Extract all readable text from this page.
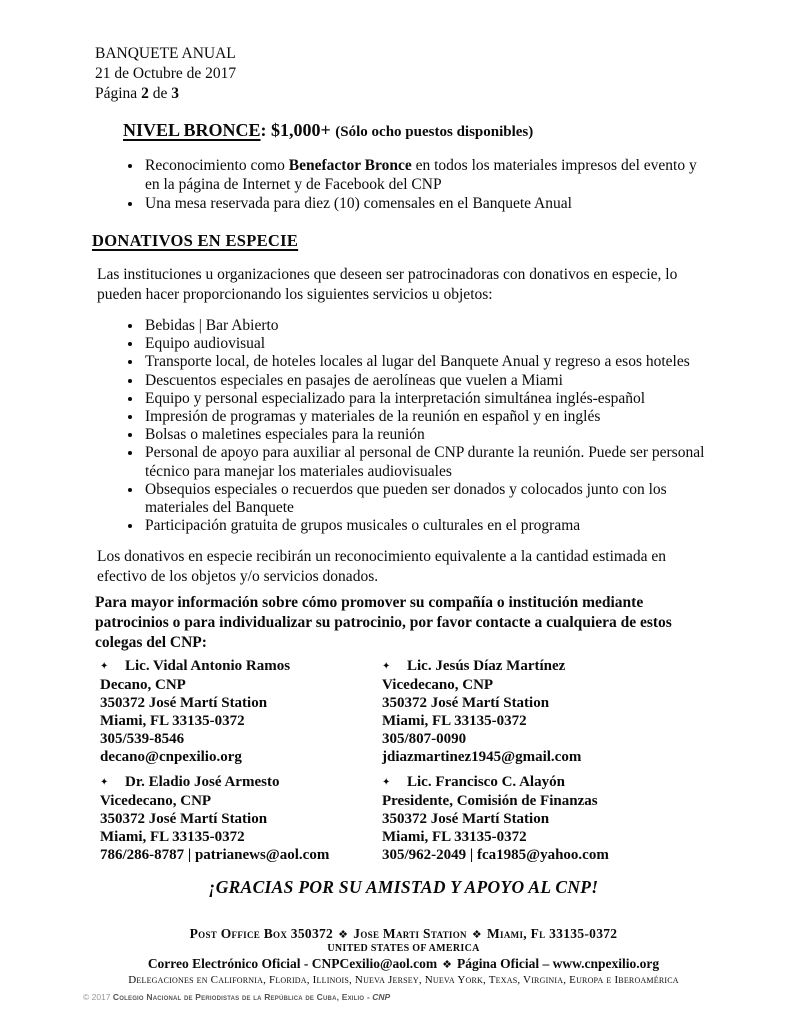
BANQUETE ANUAL
21 de Octubre de 2017
Página 2 de 3
NIVEL BRONCE: $1,000+ (Sólo ocho puestos disponibles)
• Reconocimiento como Benefactor Bronce en todos los materiales impresos del evento y en la página de Internet y de Facebook del CNP
• Una mesa reservada para diez (10) comensales en el Banquete Anual
DONATIVOS EN ESPECIE

Las instituciones u organizaciones que deseen ser patrocinadoras con donativos en especie, lo pueden hacer proporcionando los siguientes servicios u objetos:

• Bebidas | Bar Abierto
• Equipo audiovisual
• Transporte local, de hoteles locales al lugar del Banquete Anual y regreso a esos hoteles
• Descuentos especiales en pasajes de aerolíneas que vuelen a Miami
• Equipo y personal especializado para la interpretación simultánea inglés-español
• Impresión de programas y materiales de la reunión en español y en inglés
• Bolsas o maletines especiales para la reunión
• Personal de apoyo para auxiliar al personal de CNP durante la reunión. Puede ser personal técnico para manejar los materiales audiovisuales
• Obsequios especiales o recuerdos que pueden ser donados y colocados junto con los materiales del Banquete
• Participación gratuita de grupos musicales o culturales en el programa

Los donativos en especie recibirán un reconocimiento equivalente a la cantidad estimada en efectivo de los objetos y/o servicios donados.

Para mayor información sobre cómo promover su compañía o institución mediante patrocinios o para individualizar su patrocinio, por favor contacte a cualquiera de estos colegas del CNP:

✦ Lic. Vidal Antonio Ramos
Decano, CNP
350372 José Martí Station
Miami, FL 33135-0372
305/539-8546
decano@cnpexilio.org
✦ Lic. Jesús Díaz Martínez
Vicedecano, CNP
350372 José Martí Station
Miami, FL 33135-0372
305/807-0090
jdiazmartinez1945@gmail.com
✦ Dr. Eladio José Armesto
Vicedecano, CNP
350372 José Martí Station
Miami, FL 33135-0372
786/286-8787 | patrianews@aol.com
✦ Lic. Francisco C. Alayón
Presidente, Comisión de Finanzas
350372 José Martí Station
Miami, FL 33135-0372
305/962-2049 | fca1985@yahoo.com
¡GRACIAS POR SU AMISTAD Y APOYO AL CNP!
Post Office Box 350372 ❖ Jose Marti Station ❖ Miami, Fl 33135-0372
UNITED STATES OF AMERICA
Correo Electrónico Oficial - CNPCexilio@aol.com ❖ Página Oficial – www.cnpexilio.org
Delegaciones en California, Florida, Illinois, Nueva Jersey, Nueva York, Texas, Virginia, Europa e Iberoamérica
© 2017 Colegio Nacional de Periodistas de la República de Cuba, Exilio - CNP
